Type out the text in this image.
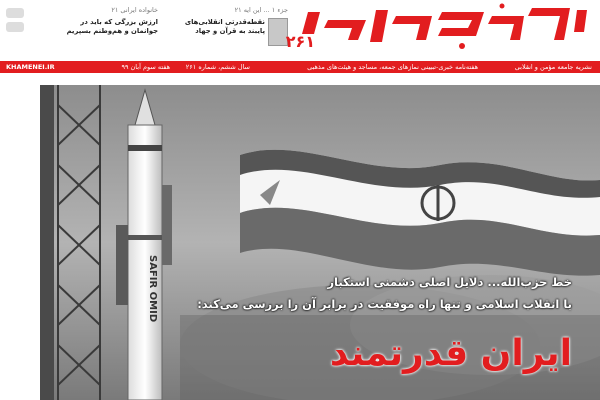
خانواده ایرانی ۲۱
ارزش بزرگی که باید در
جوانمان و هم‌وطنم بسپریم
جزء ۱ ... این ایه ۲۱
نقطه‌قدرتی انقلابی‌های
پایبند به قرآن و جهاد
۲۶۱
نشریه جامعه مؤمن و انقلابی
هفته‌نامه خبری-تبیینی نمازهای جمعه، مساجد و هیئت‌های مذهبی
سال ششم، شماره ۲۶۱
هفته سوم آبان ۹۹
KHAMENEI.IR
SAFIR OMID	خط حزب‌الله... دلایل اصلی دشمنی استکبار
با انقلاب اسلامی و تنها راه موفقیت در برابر آن را بررسی می‌کند:
ایران قدرتمند
